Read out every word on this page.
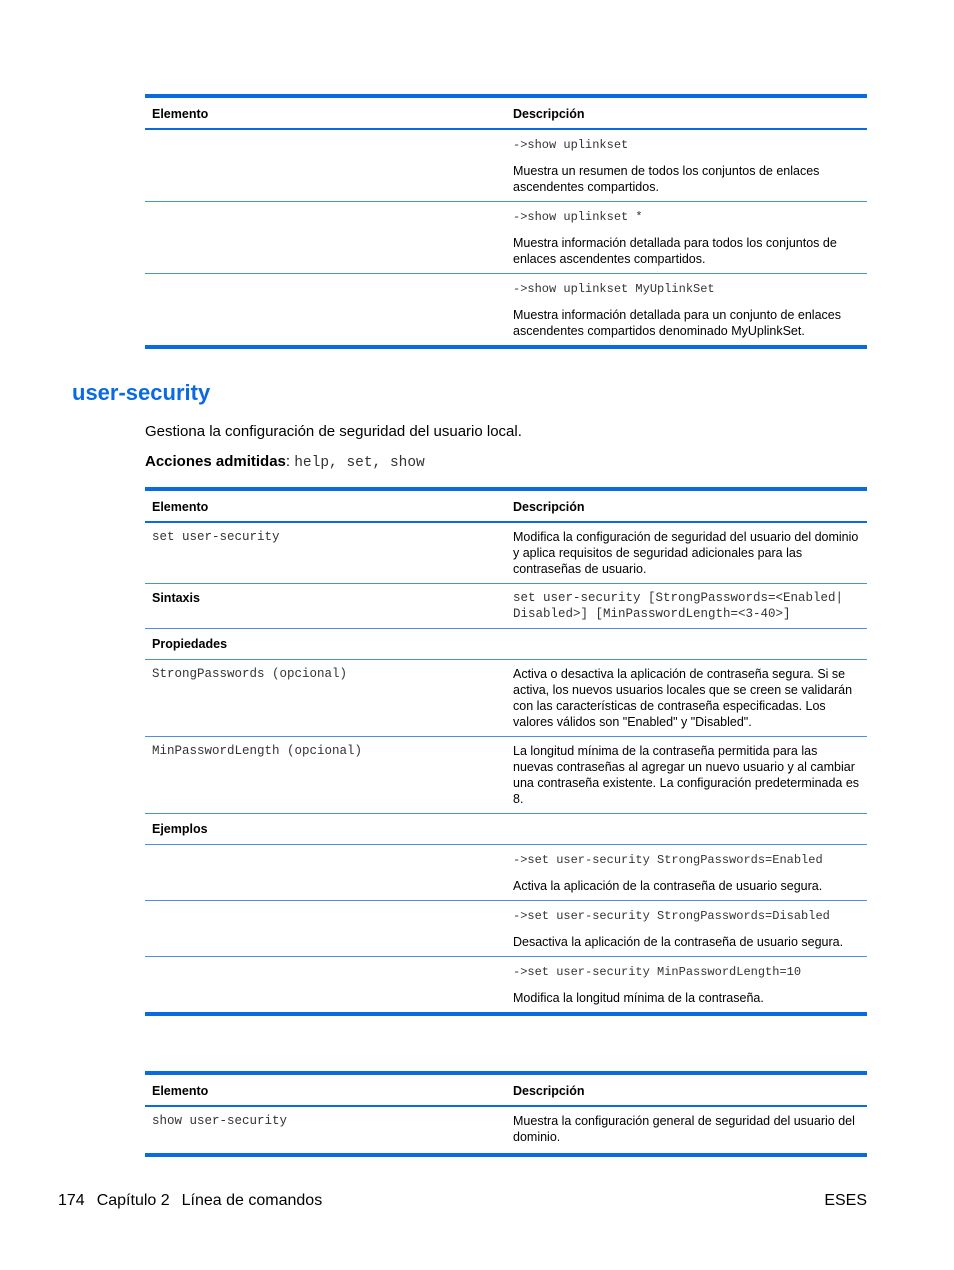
Elemento	Descripción

	->show uplinkset
Muestra un resumen de todos los conjuntos de enlaces ascendentes compartidos.

	->show uplinkset *
Muestra información detallada para todos los conjuntos de enlaces ascendentes compartidos.

	->show uplinkset MyUplinkSet
Muestra información detallada para un conjunto de enlaces ascendentes compartidos denominado MyUplinkSet.
user-security

Gestiona la configuración de seguridad del usuario local.

Acciones admitidas: help, set, show

Elemento	Descripción
set user-security	Modifica la configuración de seguridad del usuario del dominio y aplica requisitos de seguridad adicionales para las contraseñas de usuario.
Sintaxis	set user-security [StrongPasswords=<Enabled|
Disabled>] [MinPasswordLength=<3-40>]

Propiedades	
StrongPasswords (opcional)	Activa o desactiva la aplicación de contraseña segura. Si se activa, los nuevos usuarios locales que se creen se validarán con las características de contraseña especificadas. Los valores válidos son "Enabled" y "Disabled".
MinPasswordLength (opcional)	La longitud mínima de la contraseña permitida para las nuevas contraseñas al agregar un nuevo usuario y al cambiar una contraseña existente. La configuración predeterminada es 8.
Ejemplos	

	->set user-security StrongPasswords=Enabled
Activa la aplicación de la contraseña de usuario segura.

	->set user-security StrongPasswords=Disabled
Desactiva la aplicación de la contraseña de usuario segura.

	->set user-security MinPasswordLength=10
Modifica la longitud mínima de la contraseña.
Elemento	Descripción
show user-security	Muestra la configuración general de seguridad del usuario del dominio.
174 Capítulo 2 Línea de comandos	ESES
